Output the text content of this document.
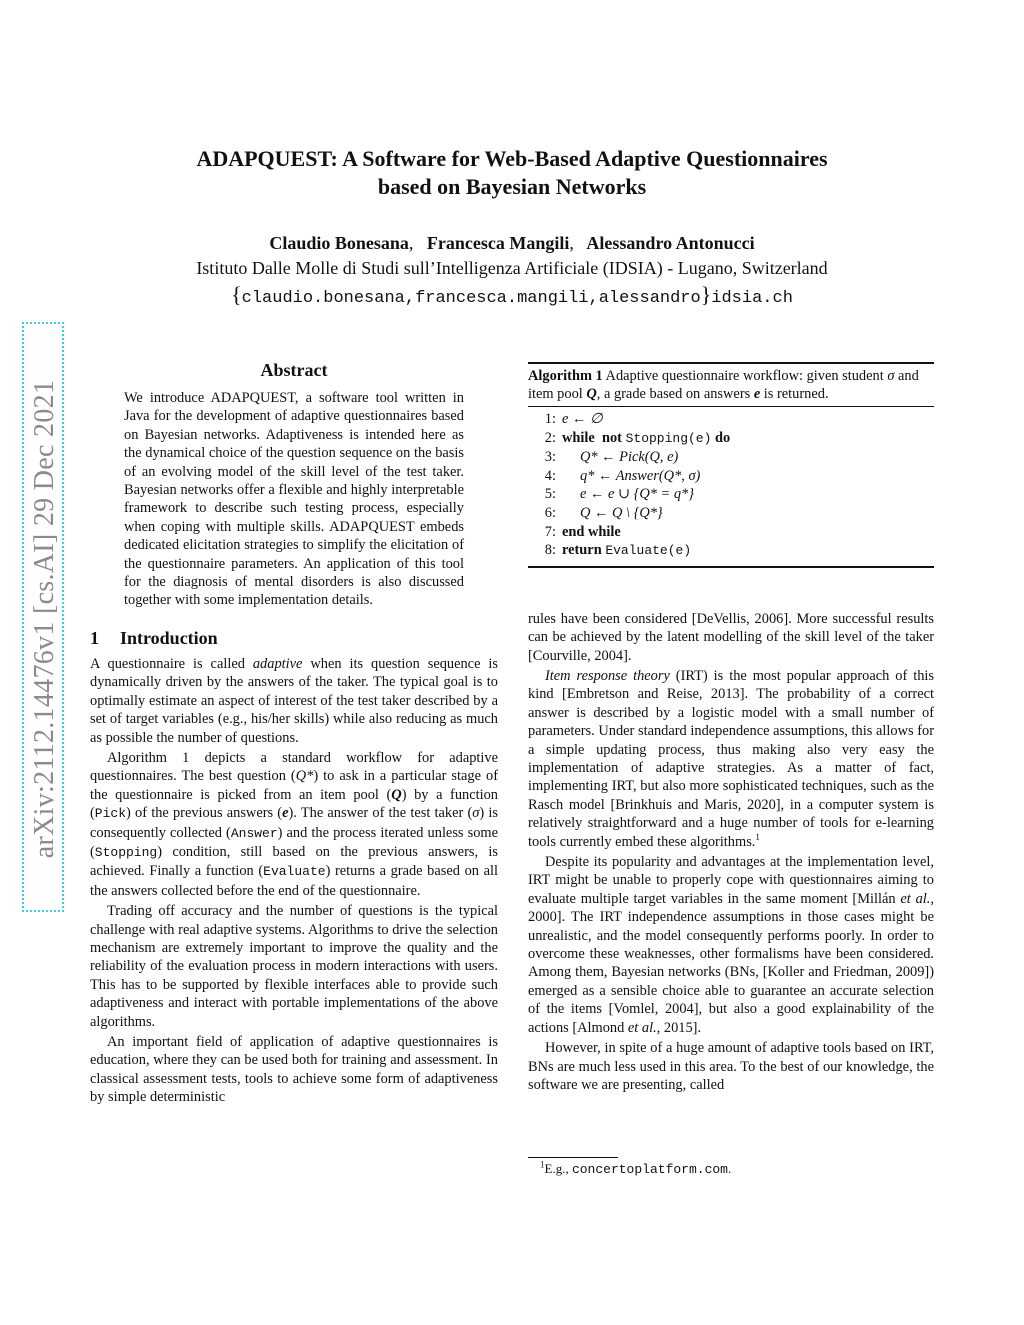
arXiv:2112.14476v1 [cs.AI] 29 Dec 2021
ADAPQUEST: A Software for Web-Based Adaptive Questionnaires
based on Bayesian Networks
Claudio Bonesana, Francesca Mangili, Alessandro Antonucci
Istituto Dalle Molle di Studi sull’Intelligenza Artificiale (IDSIA) - Lugano, Switzerland
{claudio.bonesana,francesca.mangili,alessandro}idsia.ch
Abstract
We introduce ADAPQUEST, a software tool written in Java for the development of adaptive questionnaires based on Bayesian networks. Adaptiveness is intended here as the dynamical choice of the question sequence on the basis of an evolving model of the skill level of the test taker. Bayesian networks offer a flexible and highly interpretable framework to describe such testing process, especially when coping with multiple skills. ADAPQUEST embeds dedicated elicitation strategies to simplify the elicitation of the questionnaire parameters. An application of this tool for the diagnosis of mental disorders is also discussed together with some implementation details.
1 Introduction

A questionnaire is called adaptive when its question sequence is dynamically driven by the answers of the taker. The typical goal is to optimally estimate an aspect of interest of the test taker described by a set of target variables (e.g., his/her skills) while also reducing as much as possible the number of questions.

Algorithm 1 depicts a standard workflow for adaptive questionnaires. The best question (Q*) to ask in a particular stage of the questionnaire is picked from an item pool (Q) by a function (Pick) of the previous answers (e). The answer of the test taker (σ) is consequently collected (Answer) and the process iterated unless some (Stopping) condition, still based on the previous answers, is achieved. Finally a function (Evaluate) returns a grade based on all the answers collected before the end of the questionnaire.

Trading off accuracy and the number of questions is the typical challenge with real adaptive systems. Algorithms to drive the selection mechanism are extremely important to improve the quality and the reliability of the evaluation process in modern interactions with users. This has to be supported by flexible interfaces able to provide such adaptiveness and interact with portable implementations of the above algorithms.

An important field of application of adaptive questionnaires is education, where they can be used both for training and assessment. In classical assessment tests, tools to achieve some form of adaptiveness by simple deterministic

Algorithm 1 Adaptive questionnaire workflow: given student σ and item pool Q, a grade based on answers e is returned.
1: e ← ∅
2: while not Stopping(e) do
3: Q* ← Pick(Q, e)
4: q* ← Answer(Q*, σ)
5: e ← e ∪ {Q* = q*}
6: Q ← Q \ {Q*}
7: end while
8: return Evaluate(e)

rules have been considered [DeVellis, 2006]. More successful results can be achieved by the latent modelling of the skill level of the taker [Courville, 2004].

Item response theory (IRT) is the most popular approach of this kind [Embretson and Reise, 2013]. The probability of a correct answer is described by a logistic model with a small number of parameters. Under standard independence assumptions, this allows for a simple updating process, thus making also very easy the implementation of adaptive strategies. As a matter of fact, implementing IRT, but also more sophisticated techniques, such as the Rasch model [Brinkhuis and Maris, 2020], in a computer system is relatively straightforward and a huge number of tools for e-learning tools currently embed these algorithms.$^1$

Despite its popularity and advantages at the implementation level, IRT might be unable to properly cope with questionnaires aiming to evaluate multiple target variables in the same moment [Millán et al., 2000]. The IRT independence assumptions in those cases might be unrealistic, and the model consequently performs poorly. In order to overcome these weaknesses, other formalisms have been considered. Among them, Bayesian networks (BNs, [Koller and Friedman, 2009]) emerged as a sensible choice able to guarantee an accurate selection of the items [Vomlel, 2004], but also a good explainability of the actions [Almond et al., 2015].

However, in spite of a huge amount of adaptive tools based on IRT, BNs are much less used in this area. To the best of our knowledge, the software we are presenting, called

$^1$E.g., concertoplatform.com.
